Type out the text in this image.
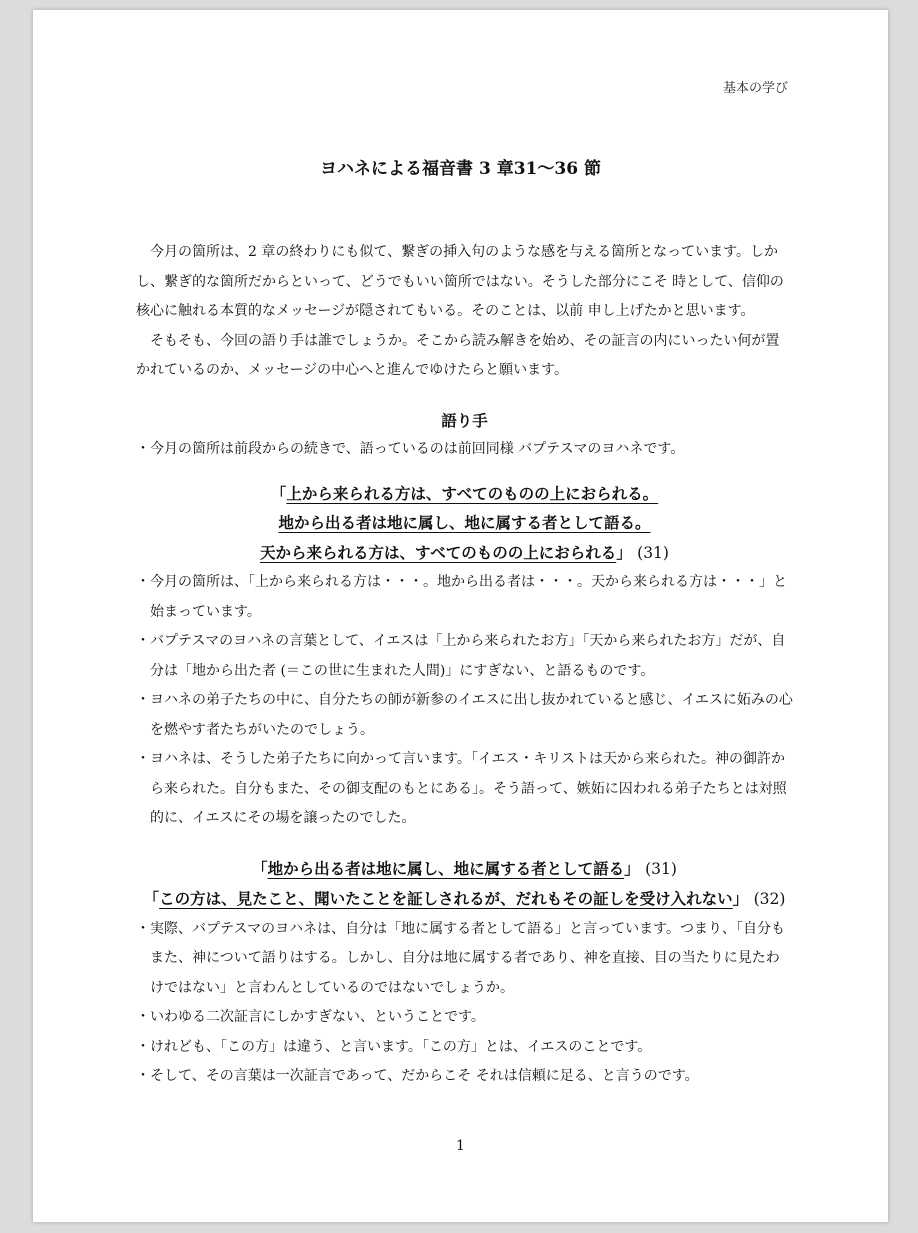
基本の学び
ヨハネによる福音書 3 章31〜36 節

今月の箇所は、2 章の終わりにも似て、繋ぎの挿入句のような感を与える箇所となっています。しかし、繋ぎ的な箇所だからといって、どうでもいい箇所ではない。そうした部分にこそ 時として、信仰の核心に触れる本質的なメッセージが隠されてもいる。そのことは、以前 申し上げたかと思います。

そもそも、今回の語り手は誰でしょうか。そこから読み解きを始め、その証言の内にいったい何が置かれているのか、メッセージの中心へと進んでゆけたらと願います。

語り手

・今月の箇所は前段からの続きで、語っているのは前回同様 バプテスマのヨハネです。

「上から来られる方は、すべてのものの上におられる。

地から出る者は地に属し、地に属する者として語る。

天から来られる方は、すべてのものの上におられる」 (31)

・今月の箇所は、「上から来られる方は・・・。地から出る者は・・・。天から来られる方は・・・」と始まっています。

・バプテスマのヨハネの言葉として、イエスは「上から来られたお方」「天から来られたお方」だが、自分は「地から出た者 (＝この世に生まれた人間)」にすぎない、と語るものです。

・ヨハネの弟子たちの中に、自分たちの師が新参のイエスに出し抜かれていると感じ、イエスに妬みの心を燃やす者たちがいたのでしょう。

・ヨハネは、そうした弟子たちに向かって言います。「イエス・キリストは天から来られた。神の御許から来られた。自分もまた、その御支配のもとにある」。そう語って、嫉妬に囚われる弟子たちとは対照的に、イエスにその場を譲ったのでした。

「地から出る者は地に属し、地に属する者として語る」 (31)

「この方は、見たこと、聞いたことを証しされるが、だれもその証しを受け入れない」 (32)

・実際、バプテスマのヨハネは、自分は「地に属する者として語る」と言っています。つまり、「自分もまた、神について語りはする。しかし、自分は地に属する者であり、神を直接、目の当たりに見たわけではない」と言わんとしているのではないでしょうか。

・いわゆる二次証言にしかすぎない、ということです。

・けれども、「この方」は違う、と言います。「この方」とは、イエスのことです。

・そして、その言葉は一次証言であって、だからこそ それは信頼に足る、と言うのです。

1
